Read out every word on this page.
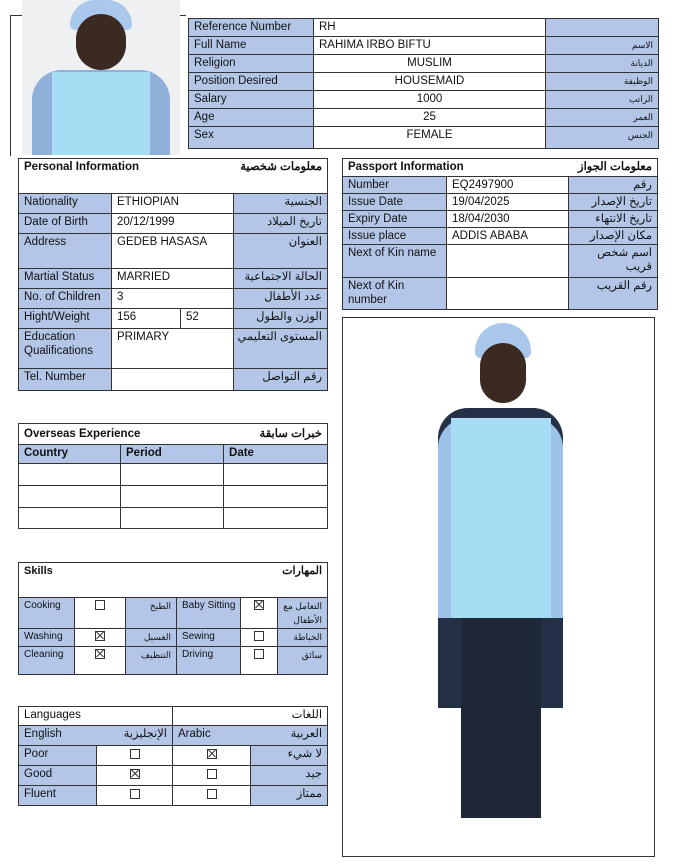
Reference Number	RH	
Full Name	RAHIMA IRBO BIFTU	الاسم
Religion	MUSLIM	الديانة
Position Desired	HOUSEMAID	الوظيفة
Salary	1000	الراتب
Age	25	العمر
Sex	FEMALE	الجنس
Personal Information		معلومات شخصية	
Nationality	ETHIOPIAN		الجنسية
Date of Birth	20/12/1999		تاريخ الميلاد
Address	GEDEB HASASA		العنوان
Martial Status	MARRIED		الحالة الاجتماعية
No. of Children	3		عدد الأطفال
Hight/Weight	156	52	الوزن والطول
Education Qualifications	PRIMARY		المستوى التعليمي
Tel. Number			رقم التواصل
Passport Information		معلومات الجواز
Number	EQ2497900	رقم
Issue Date	19/04/2025	تاريخ الإصدار
Expiry Date	18/04/2030	تاريخ الانتهاء
Issue place	ADDIS ABABA	مكان الإصدار
Next of Kin name		اسم شخص قريب
Next of Kin number		رقم القريب
Overseas Experience		خبرات سابقة
Country	Period	Date

Skills			المهارات		
Cooking		الطبخ	Baby Sitting		التعامل مع الأطفال
Washing		الغسيل	Sewing		الخياطة
Cleaning		التنظيف	Driving		سائق
Languages		اللغات	
English	الإنجليزية	Arabic	العربية
Poor			لا شيء
Good			جيد
Fluent			ممتاز
